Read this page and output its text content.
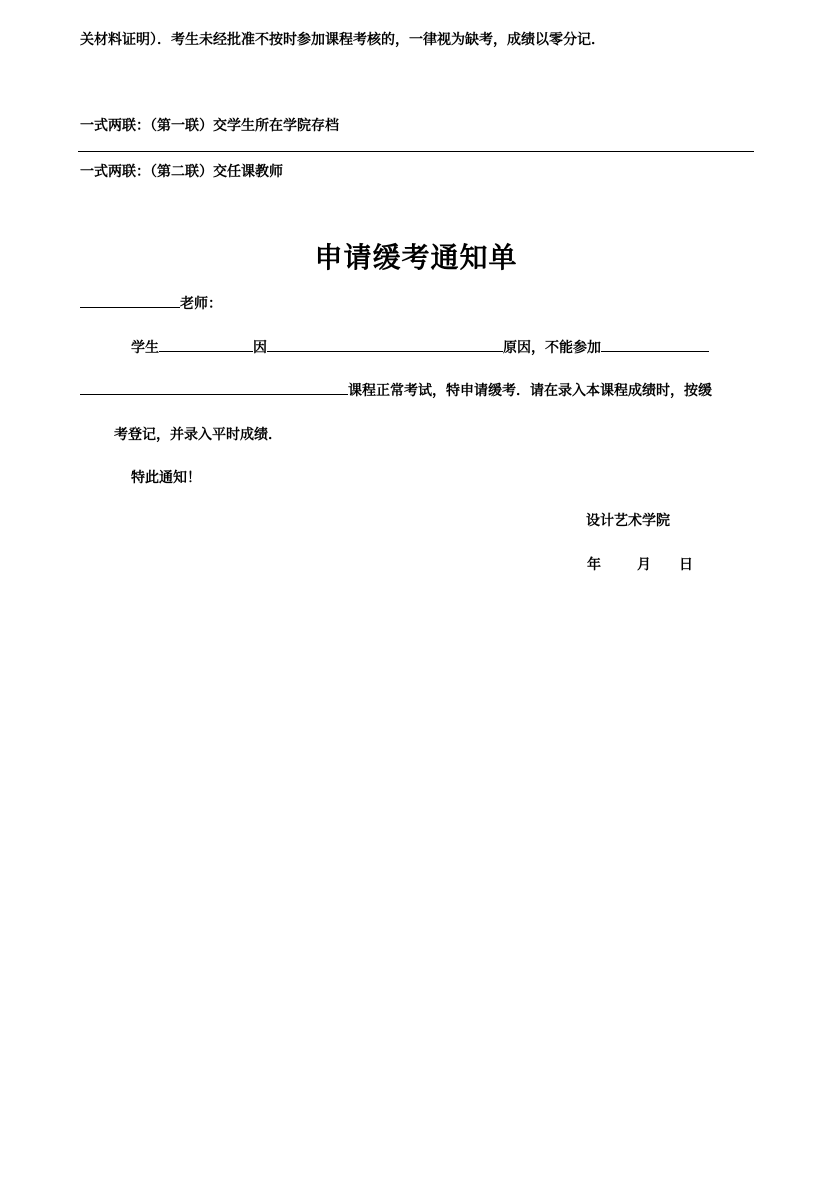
关材料证明）．考生未经批准不按时参加课程考核的，一律视为缺考，成绩以零分记．
一式两联：（第一联）交学生所在学院存档
一式两联：（第二联）交任课教师
申请缓考通知单
老师：
学生	因	原因，不能参加
课程正常考试，特申请缓考．请在录入本课程成绩时，按缓
考登记，并录入平时成绩．
特此通知！
设计艺术学院
年	月 日
